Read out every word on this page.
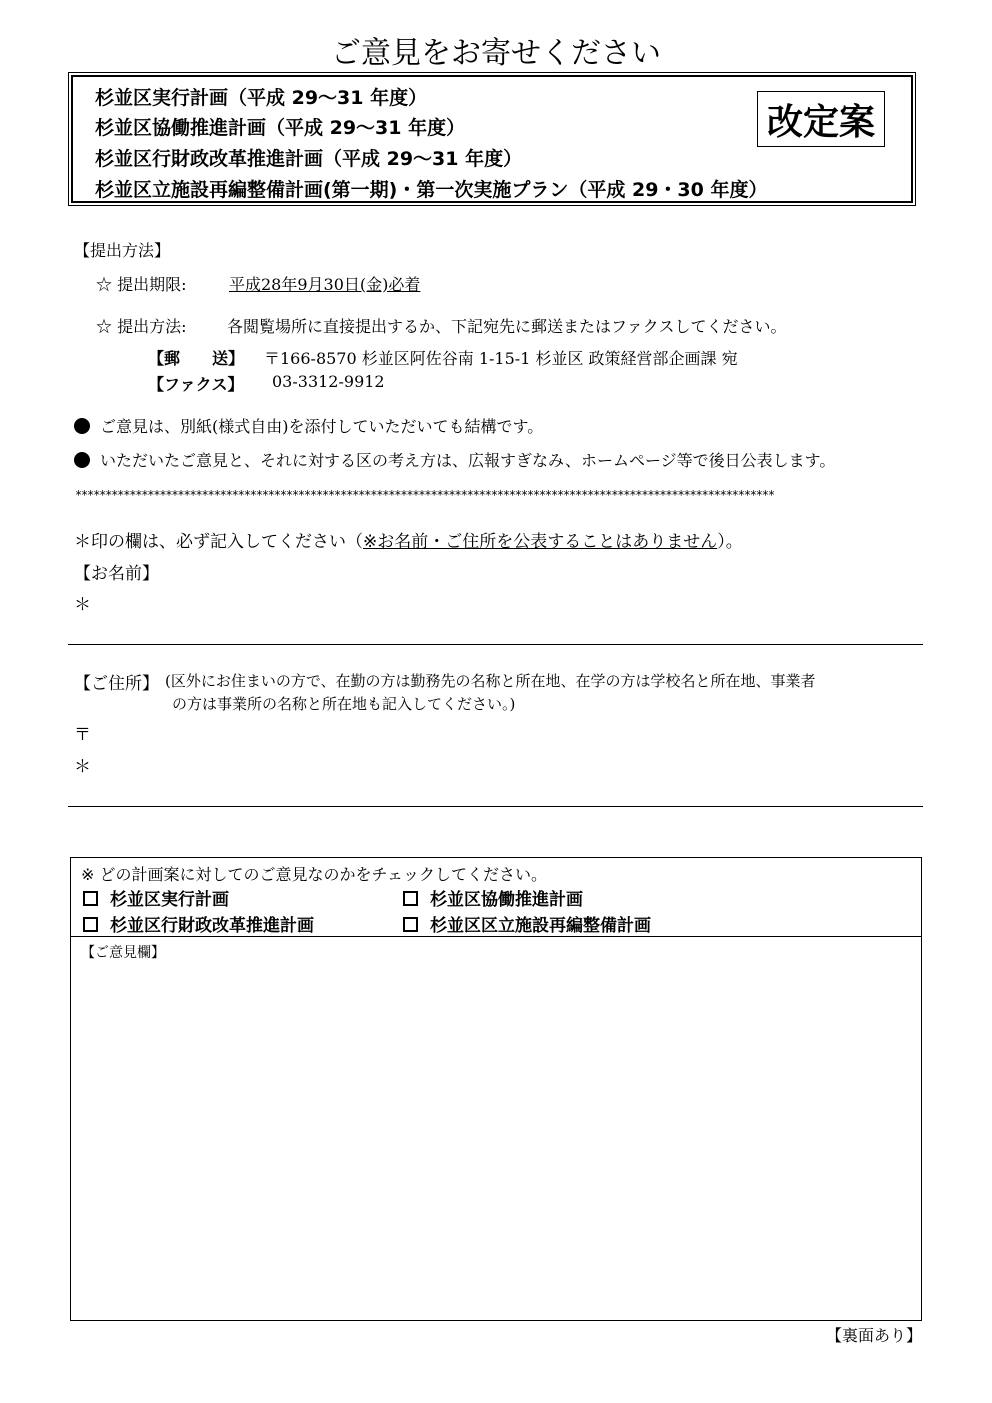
ご意見をお寄せください
杉並区実行計画（平成 29～31 年度）
杉並区協働推進計画（平成 29～31 年度）
杉並区行財政改革推進計画（平成 29～31 年度）
杉並区立施設再編整備計画(第一期)・第一次実施プラン（平成 29・30 年度）
改定案
【提出方法】
☆ 提出期限:	平成28年9月30日(金)必着
☆ 提出方法:	各閲覧場所に直接提出するか、下記宛先に郵送またはファクスしてください。
【郵　　送】 〒166-8570 杉並区阿佐谷南 1-15-1 杉並区 政策経営部企画課 宛
【ファクス】 03-3312-9912
ご意見は、別紙(様式自由)を添付していただいても結構です。
いただいたご意見と、それに対する区の考え方は、広報すぎなみ、ホームページ等で後日公表します。
********************************************************************************************************************
＊印の欄は、必ず記入してください（※お名前・ご住所を公表することはありません）。
【お名前】
＊
【ご住所】 (区外にお住まいの方で、在勤の方は勤務先の名称と所在地、在学の方は学校名と所在地、事業者
の方は事業所の名称と所在地も記入してください。)
〒
＊
※ どの計画案に対してのご意見なのかをチェックしてください。
杉並区実行計画	杉並区協働推進計画
杉並区行財政改革推進計画	杉並区区立施設再編整備計画
【ご意見欄】
【裏面あり】
